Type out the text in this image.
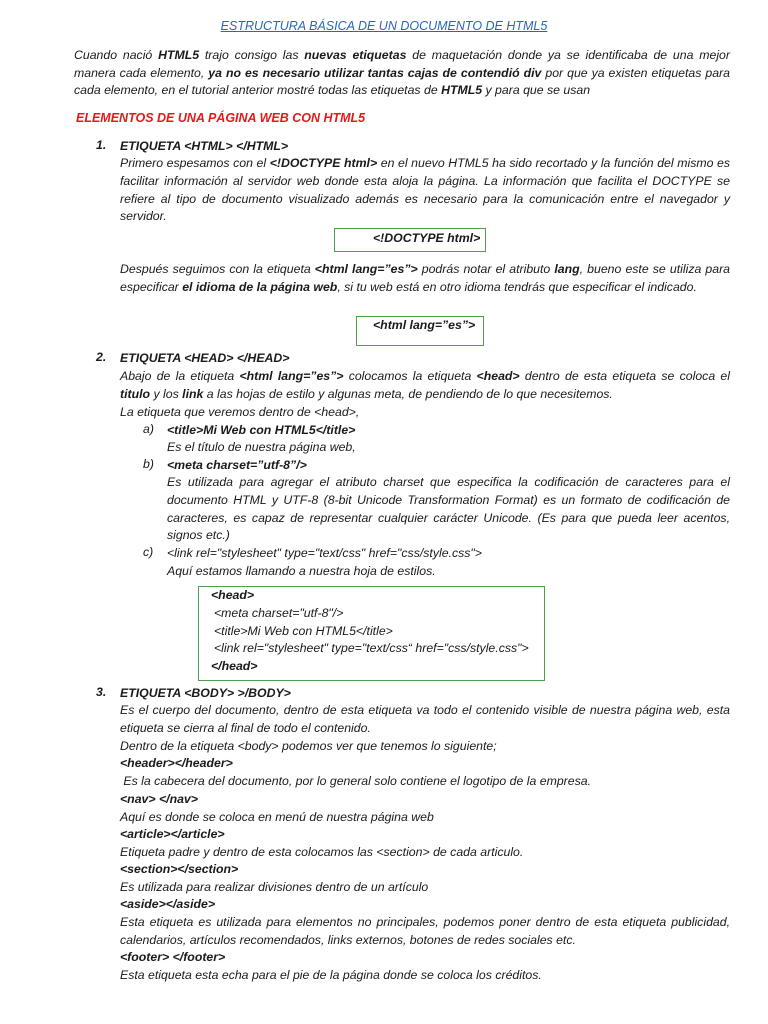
ESTRUCTURA BÁSICA DE UN DOCUMENTO DE HTML5
Cuando nació HTML5 trajo consigo las nuevas etiquetas de maquetación donde ya se identificaba de una mejor manera cada elemento, ya no es necesario utilizar tantas cajas de contendió div por que ya existen etiquetas para cada elemento, en el tutorial anterior mostré todas las etiquetas de HTML5 y para que se usan
ELEMENTOS DE UNA PÁGINA WEB CON HTML5
1. ETIQUETA <HTML> </HTML>
Primero espesamos con el <!DOCTYPE html> en el nuevo HTML5 ha sido recortado y la función del mismo es facilitar información al servidor web donde esta aloja la página. La información que facilita el DOCTYPE se refiere al tipo de documento visualizado además es necesario para la comunicación entre el navegador y servidor.
<!DOCTYPE html>
Después seguimos con la etiqueta <html lang=”es”> podrás notar el atributo lang, bueno este se utiliza para especificar el idioma de la página web, si tu web está en otro idioma tendrás que especificar el indicado.
<html lang=”es”>
2. ETIQUETA <HEAD> </HEAD>
Abajo de la etiqueta <html lang=”es”> colocamos la etiqueta <head> dentro de esta etiqueta se coloca el titulo y los link a las hojas de estilo y algunas meta, de pendiendo de lo que necesitemos.
La etiqueta que veremos dentro de <head>,
a) <title>Mi Web con HTML5</title>
Es el título de nuestra página web,
b) <meta charset=”utf-8”/>
Es utilizada para agregar el atributo charset que especifica la codificación de caracteres para el documento HTML y UTF-8 (8-bit Unicode Transformation Format) es un formato de codificación de caracteres, es capaz de representar cualquier carácter Unicode. (Es para que pueda leer acentos, signos etc.)
c) <link rel="stylesheet" type="text/css" href="css/style.css">
Aquí estamos llamando a nuestra hoja de estilos.
<head>
<meta charset="utf-8"/>
<title>Mi Web con HTML5</title>
<link rel="stylesheet" type="text/css“ href="css/style.css">
</head>
3. ETIQUETA <BODY> >/BODY>
Es el cuerpo del documento, dentro de esta etiqueta va todo el contenido visible de nuestra página web, esta etiqueta se cierra al final de todo el contenido.
Dentro de la etiqueta <body> podemos ver que tenemos lo siguiente;
<header></header>
Es la cabecera del documento, por lo general solo contiene el logotipo de la empresa.
<nav> </nav>
Aquí es donde se coloca en menú de nuestra página web
<article></article>
Etiqueta padre y dentro de esta colocamos las <section> de cada articulo.
<section></section>
Es utilizada para realizar divisiones dentro de un artículo
<aside></aside>
Esta etiqueta es utilizada para elementos no principales, podemos poner dentro de esta etiqueta publicidad, calendarios, artículos recomendados, links externos, botones de redes sociales etc.
<footer> </footer>
Esta etiqueta esta echa para el pie de la página donde se coloca los créditos.
